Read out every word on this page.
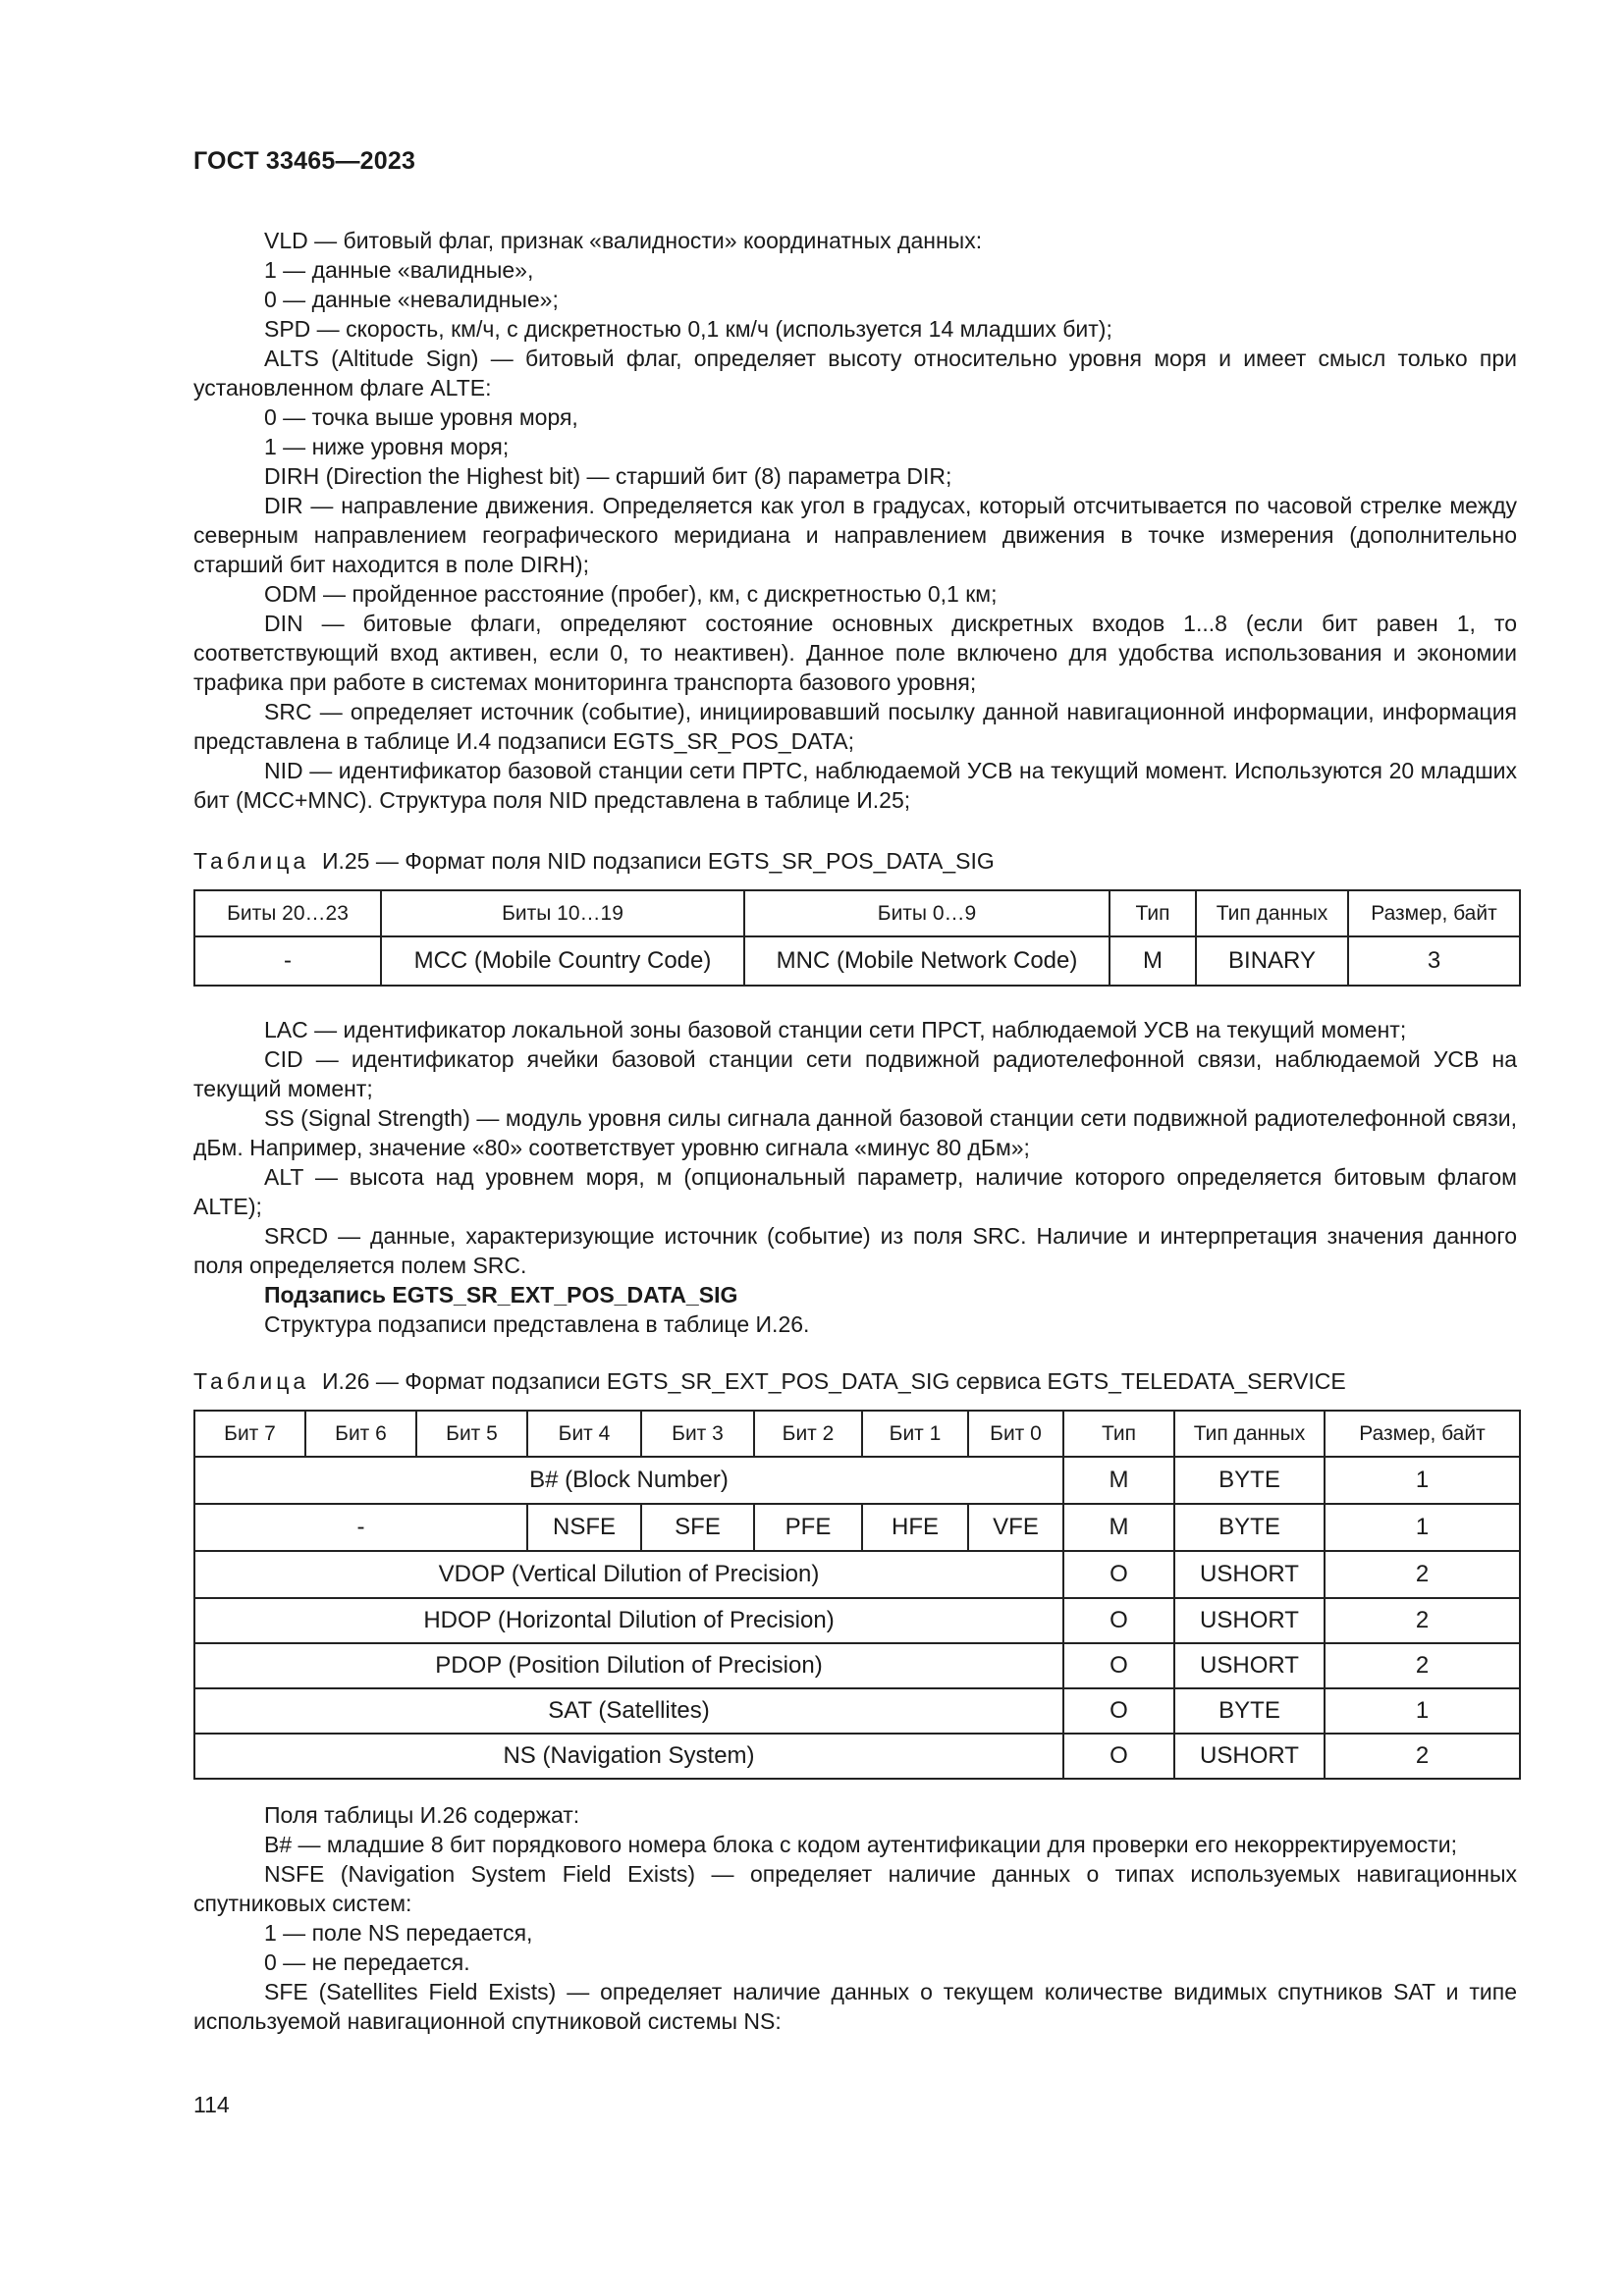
ГОСТ 33465—2023

VLD — битовый флаг, признак «валидности» координатных данных:

1 — данные «валидные»,

0 — данные «невалидные»;

SPD — скорость, км/ч, с дискретностью 0,1 км/ч (используется 14 младших бит);

ALTS (Altitude Sign) — битовый флаг, определяет высоту относительно уровня моря и имеет смысл только при установленном флаге ALTE:

0 — точка выше уровня моря,

1 — ниже уровня моря;

DIRH (Direction the Highest bit) — старший бит (8) параметра DIR;

DIR — направление движения. Определяется как угол в градусах, который отсчитывается по часовой стрелке между северным направлением географического меридиана и направлением движения в точке измерения (дополнительно старший бит находится в поле DIRH);

ODM — пройденное расстояние (пробег), км, с дискретностью 0,1 км;

DIN — битовые флаги, определяют состояние основных дискретных входов 1...8 (если бит равен 1, то соответствующий вход активен, если 0, то неактивен). Данное поле включено для удобства использования и экономии трафика при работе в системах мониторинга транспорта базового уровня;

SRC — определяет источник (событие), инициировавший посылку данной навигационной информации, информация представлена в таблице И.4 подзаписи EGTS_SR_POS_DATA;

NID — идентификатор базовой станции сети ПРТС, наблюдаемой УСВ на текущий момент. Используются 20 младших бит (MCC+MNC). Структура поля NID представлена в таблице И.25;

Таблица И.25 — Формат поля NID подзаписи EGTS_SR_POS_DATA_SIG
Биты 20…23	Биты 10…19	Биты 0…9	Тип	Тип данных	Размер, байт
-	MCC (Mobile Country Code)	MNC (Mobile Network Code)	M	BINARY	3

LAC — идентификатор локальной зоны базовой станции сети ПРСТ, наблюдаемой УСВ на текущий момент;

CID — идентификатор ячейки базовой станции сети подвижной радиотелефонной связи, наблюдаемой УСВ на текущий момент;

SS (Signal Strength) — модуль уровня силы сигнала данной базовой станции сети подвижной радиотелефонной связи, дБм. Например, значение «80» соответствует уровню сигнала «минус 80 дБм»;

ALT — высота над уровнем моря, м (опциональный параметр, наличие которого определяется битовым флагом ALTE);

SRCD — данные, характеризующие источник (событие) из поля SRC. Наличие и интерпретация значения данного поля определяется полем SRC.

Подзапись EGTS_SR_EXT_POS_DATA_SIG

Структура подзаписи представлена в таблице И.26.

Таблица И.26 — Формат подзаписи EGTS_SR_EXT_POS_DATA_SIG сервиса EGTS_TELEDATA_SERVICE
Бит 7	Бит 6	Бит 5	Бит 4	Бит 3	Бит 2	Бит 1	Бит 0	Тип	Тип данных	Размер, байт
B# (Block Number)								M	BYTE	1
-			NSFE	SFE	PFE	HFE	VFE	M	BYTE	1
VDOP (Vertical Dilution of Precision)								O	USHORT	2
HDOP (Horizontal Dilution of Precision)								O	USHORT	2
PDOP (Position Dilution of Precision)								O	USHORT	2
SAT (Satellites)								O	BYTE	1
NS (Navigation System)								O	USHORT	2

Поля таблицы И.26 содержат:

B# — младшие 8 бит порядкового номера блока с кодом аутентификации для проверки его некорректируемости;

NSFE (Navigation System Field Exists) — определяет наличие данных о типах используемых навигационных спутниковых систем:

1 — поле NS передается,

0 — не передается.

SFE (Satellites Field Exists) — определяет наличие данных о текущем количестве видимых спутников SAT и типе используемой навигационной спутниковой системы NS:

114
